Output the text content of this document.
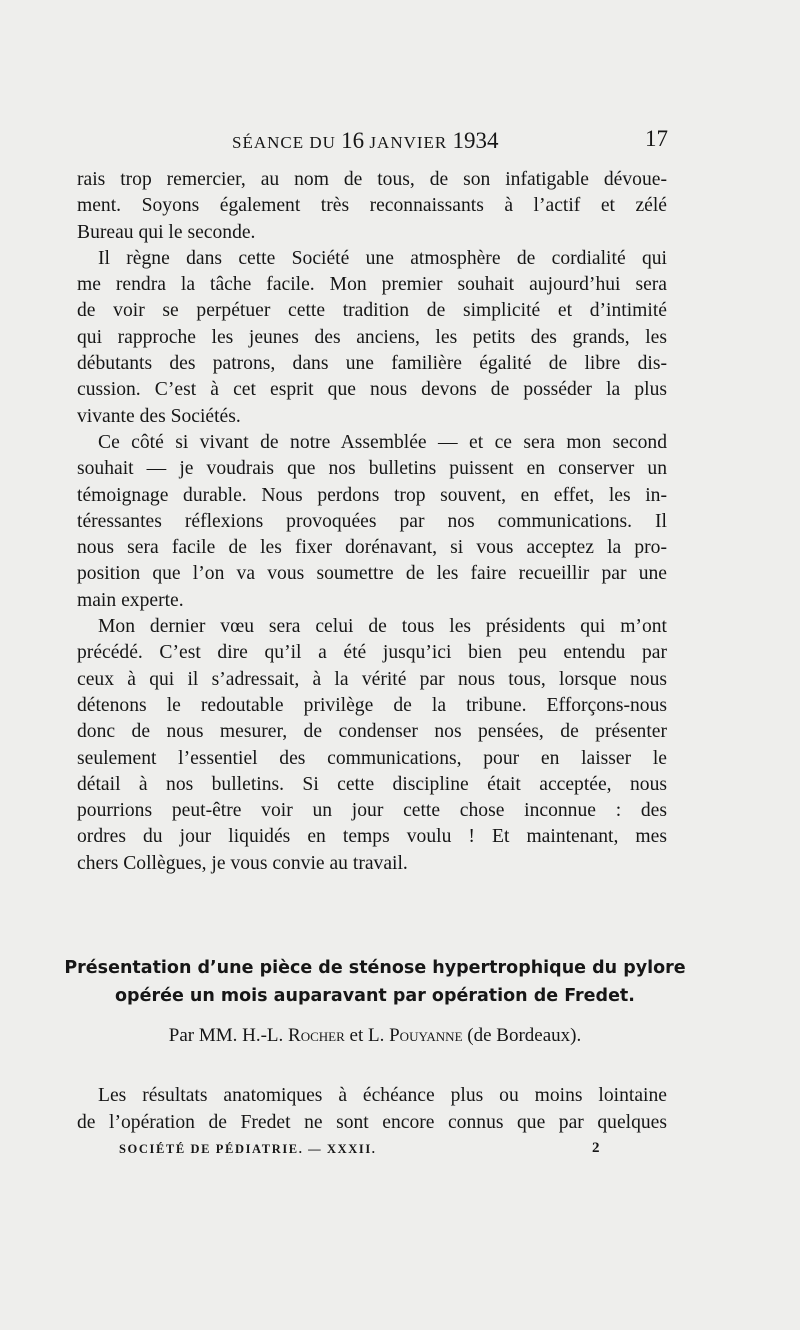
SÉANCE DU 16 JANVIER 1934	17
rais trop remercier, au nom de tous, de son infatigable dévoue-
ment. Soyons également très reconnaissants à l’actif et zélé
Bureau qui le seconde.
Il règne dans cette Société une atmosphère de cordialité qui
me rendra la tâche facile. Mon premier souhait aujourd’hui sera
de voir se perpétuer cette tradition de simplicité et d’intimité
qui rapproche les jeunes des anciens, les petits des grands, les
débutants des patrons, dans une familière égalité de libre dis-
cussion. C’est à cet esprit que nous devons de posséder la plus
vivante des Sociétés.
Ce côté si vivant de notre Assemblée — et ce sera mon second
souhait — je voudrais que nos bulletins puissent en conserver un
témoignage durable. Nous perdons trop souvent, en effet, les in-
téressantes réflexions provoquées par nos communications. Il
nous sera facile de les fixer dorénavant, si vous acceptez la pro-
position que l’on va vous soumettre de les faire recueillir par une
main experte.
Mon dernier vœu sera celui de tous les présidents qui m’ont
précédé. C’est dire qu’il a été jusqu’ici bien peu entendu par
ceux à qui il s’adressait, à la vérité par nous tous, lorsque nous
détenons le redoutable privilège de la tribune. Efforçons-nous
donc de nous mesurer, de condenser nos pensées, de présenter
seulement l’essentiel des communications, pour en laisser le
détail à nos bulletins. Si cette discipline était acceptée, nous
pourrions peut-être voir un jour cette chose inconnue : des
ordres du jour liquidés en temps voulu ! Et maintenant, mes
chers Collègues, je vous convie au travail.
Présentation d’une pièce de sténose hypertrophique du pylore
opérée un mois auparavant par opération de Fredet.
Par MM. H.-L. Rocher et L. Pouyanne (de Bordeaux).
Les résultats anatomiques à échéance plus ou moins lointaine
de l’opération de Fredet ne sont encore connus que par quelques
SOCIÉTÉ DE PÉDIATRIE. — XXXII.	2
